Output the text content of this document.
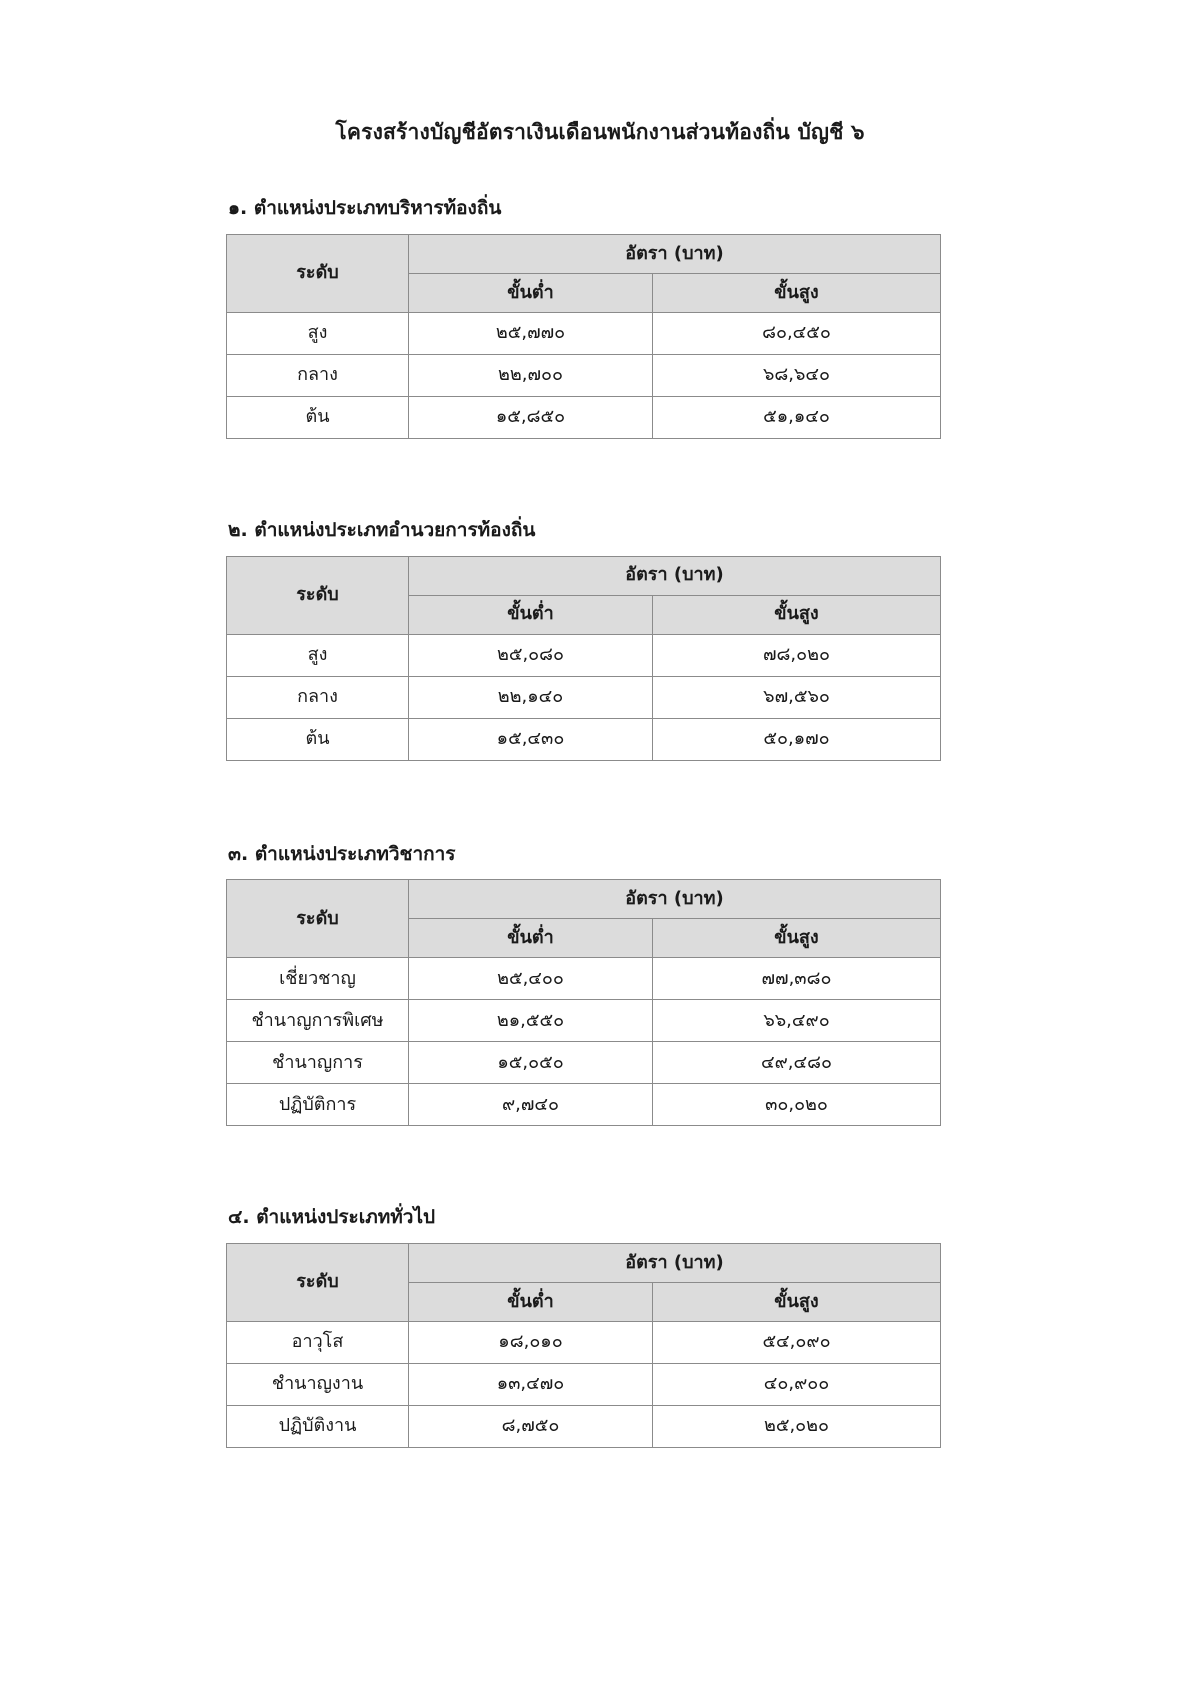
โครงสร้างบัญชีอัตราเงินเดือนพนักงานส่วนท้องถิ่น บัญชี ๖
๑. ตำแหน่งประเภทบริหารท้องถิ่น
ระดับ	อัตรา (บาท)	
	ขั้นต่ำ	ขั้นสูง
สูง	๒๕,๗๗๐	๘๐,๔๕๐
กลาง	๒๒,๗๐๐	๖๘,๖๔๐
ต้น	๑๕,๘๕๐	๕๑,๑๔๐
๒. ตำแหน่งประเภทอำนวยการท้องถิ่น
ระดับ	อัตรา (บาท)	
	ขั้นต่ำ	ขั้นสูง
สูง	๒๕,๐๘๐	๗๘,๐๒๐
กลาง	๒๒,๑๔๐	๖๗,๕๖๐
ต้น	๑๕,๔๓๐	๕๐,๑๗๐
๓. ตำแหน่งประเภทวิชาการ
ระดับ	อัตรา (บาท)	
	ขั้นต่ำ	ขั้นสูง
เชี่ยวชาญ	๒๕,๔๐๐	๗๗,๓๘๐
ชำนาญการพิเศษ	๒๑,๕๕๐	๖๖,๔๙๐
ชำนาญการ	๑๕,๐๕๐	๔๙,๔๘๐
ปฏิบัติการ	๙,๗๔๐	๓๐,๐๒๐
๔. ตำแหน่งประเภททั่วไป
ระดับ	อัตรา (บาท)	
	ขั้นต่ำ	ขั้นสูง
อาวุโส	๑๘,๐๑๐	๕๔,๐๙๐
ชำนาญงาน	๑๓,๔๗๐	๔๐,๙๐๐
ปฏิบัติงาน	๘,๗๕๐	๒๕,๐๒๐
